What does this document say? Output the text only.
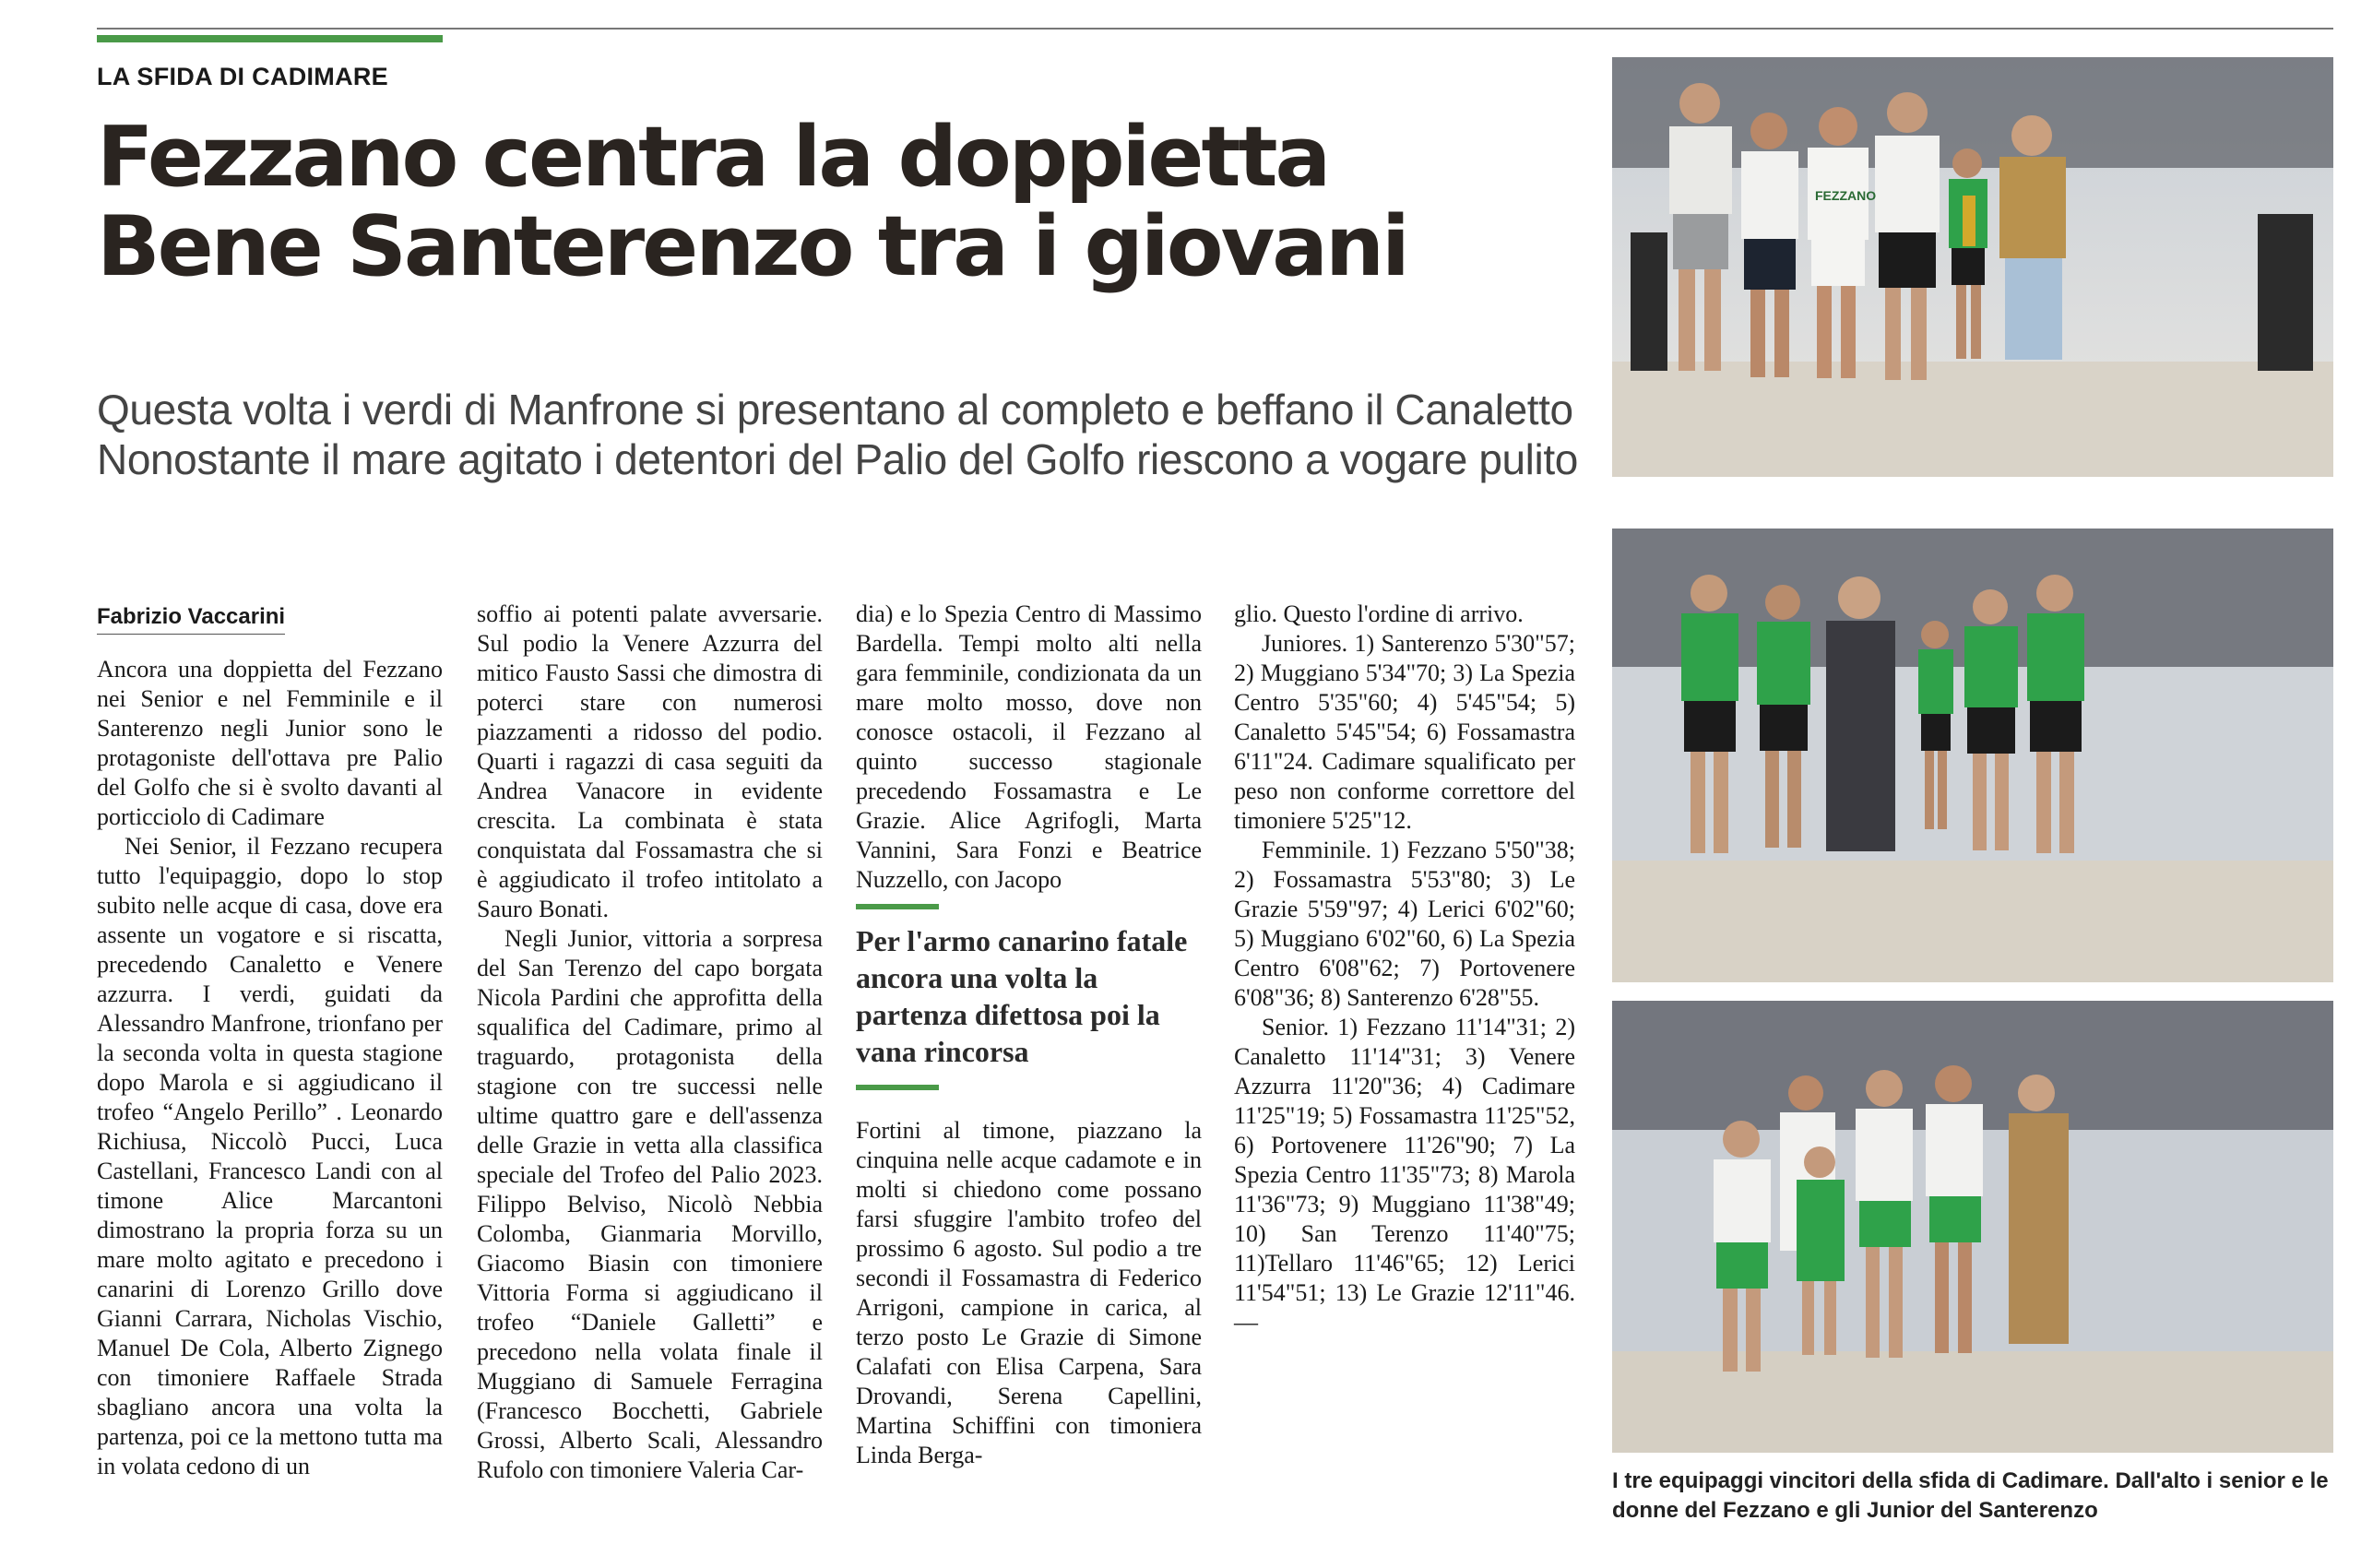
LA SFIDA DI CADIMARE
Fezzano centra la doppietta
Bene Santerenzo tra i giovani
Questa volta i verdi di Manfrone si presentano al completo e beffano il Canaletto
Nonostante il mare agitato i detentori del Palio del Golfo riescono a vogare pulito
Fabrizio Vaccarini

Ancora una doppietta del Fezzano nei Senior e nel Femminile e il Santerenzo negli Junior sono le protagoniste dell'ottava pre Palio del Golfo che si è svolto davanti al porticciolo di Cadimare

Nei Senior, il Fezzano recupera tutto l'equipaggio, dopo lo stop subito nelle acque di casa, dove era assente un vogatore e si riscatta, precedendo Canaletto e Venere azzurra. I verdi, guidati da Alessandro Manfrone, trionfano per la seconda volta in questa stagione dopo Marola e si aggiudicano il trofeo “Angelo Perillo” . Leonardo Richiusa, Niccolò Pucci, Luca Castellani, Francesco Landi con al timone Alice Marcantoni dimostrano la propria forza su un mare molto agitato e precedono i canarini di Lorenzo Grillo dove Gianni Carrara, Nicholas Vischio, Manuel De Cola, Alberto Zignego con timoniere Raffaele Strada sbagliano ancora una volta la partenza, poi ce la mettono tutta ma in volata cedono di un

soffio ai potenti palate avversarie. Sul podio la Venere Azzurra del mitico Fausto Sassi che dimostra di poterci stare con numerosi piazzamenti a ridosso del podio. Quarti i ragazzi di casa seguiti da Andrea Vanacore in evidente crescita. La combinata è stata conquistata dal Fossamastra che si è aggiudicato il trofeo intitolato a Sauro Bonati.

Negli Junior, vittoria a sorpresa del San Terenzo del capo borgata Nicola Pardini che approfitta della squalifica del Cadimare, primo al traguardo, protagonista della stagione con tre successi nelle ultime quattro gare e dell'assenza delle Grazie in vetta alla classifica speciale del Trofeo del Palio 2023. Filippo Belviso, Nicolò Nebbia Colomba, Gianmaria Morvillo, Giacomo Biasin con timoniere Vittoria Forma si aggiudicano il trofeo “Daniele Galletti” e precedono nella volata finale il Muggiano di Samuele Ferragina (Francesco Bocchetti, Gabriele Grossi, Alberto Scali, Alessandro Rufolo con timoniere Valeria Car-

dia) e lo Spezia Centro di Massimo Bardella. Tempi molto alti nella gara femminile, condizionata da un mare molto mosso, dove non conosce ostacoli, il Fezzano al quinto successo stagionale precedendo Fossamastra e Le Grazie. Alice Agrifogli, Marta Vannini, Sara Fonzi e Beatrice Nuzzello, con Jacopo

Per l'armo canarino fatale ancora una volta la partenza difettosa poi la vana rincorsa

Fortini al timone, piazzano la cinquina nelle acque cadamote e in molti si chiedono come possano farsi sfuggire l'ambito trofeo del prossimo 6 agosto. Sul podio a tre secondi il Fossamastra di Federico Arrigoni, campione in carica, al terzo posto Le Grazie di Simone Calafati con Elisa Carpena, Sara Drovandi, Serena Capellini, Martina Schiffini con timoniera Linda Berga-

glio. Questo l'ordine di arrivo.

Juniores. 1) Santerenzo 5'30"57; 2) Muggiano 5'34"70; 3) La Spezia Centro 5'35"60; 4) 5'45"54; 5) Canaletto 5'45"54; 6) Fossamastra 6'11"24. Cadimare squalificato per peso non conforme correttore del timoniere 5'25"12.

Femminile. 1) Fezzano 5'50"38; 2) Fossamastra 5'53"80; 3) Le Grazie 5'59"97; 4) Lerici 6'02"60; 5) Muggiano 6'02"60, 6) La Spezia Centro 6'08"62; 7) Portovenere 6'08"36; 8) Santerenzo 6'28"55.

Senior. 1) Fezzano 11'14"31; 2) Canaletto 11'14"31; 3) Venere Azzurra 11'20"36; 4) Cadimare 11'25"19; 5) Fossamastra 11'25"52, 6) Portovenere 11'26"90; 7) La Spezia Centro 11'35"73; 8) Marola 11'36"73; 9) Muggiano 11'38"49; 10) San Terenzo 11'40"75; 11)Tellaro 11'46"65; 12) Lerici 11'54"51; 13) Le Grazie 12'11"46. —

FEZZANO
I tre equipaggi vincitori della sfida di Cadimare. Dall'alto i senior e le donne del Fezzano e gli Junior del Santerenzo
